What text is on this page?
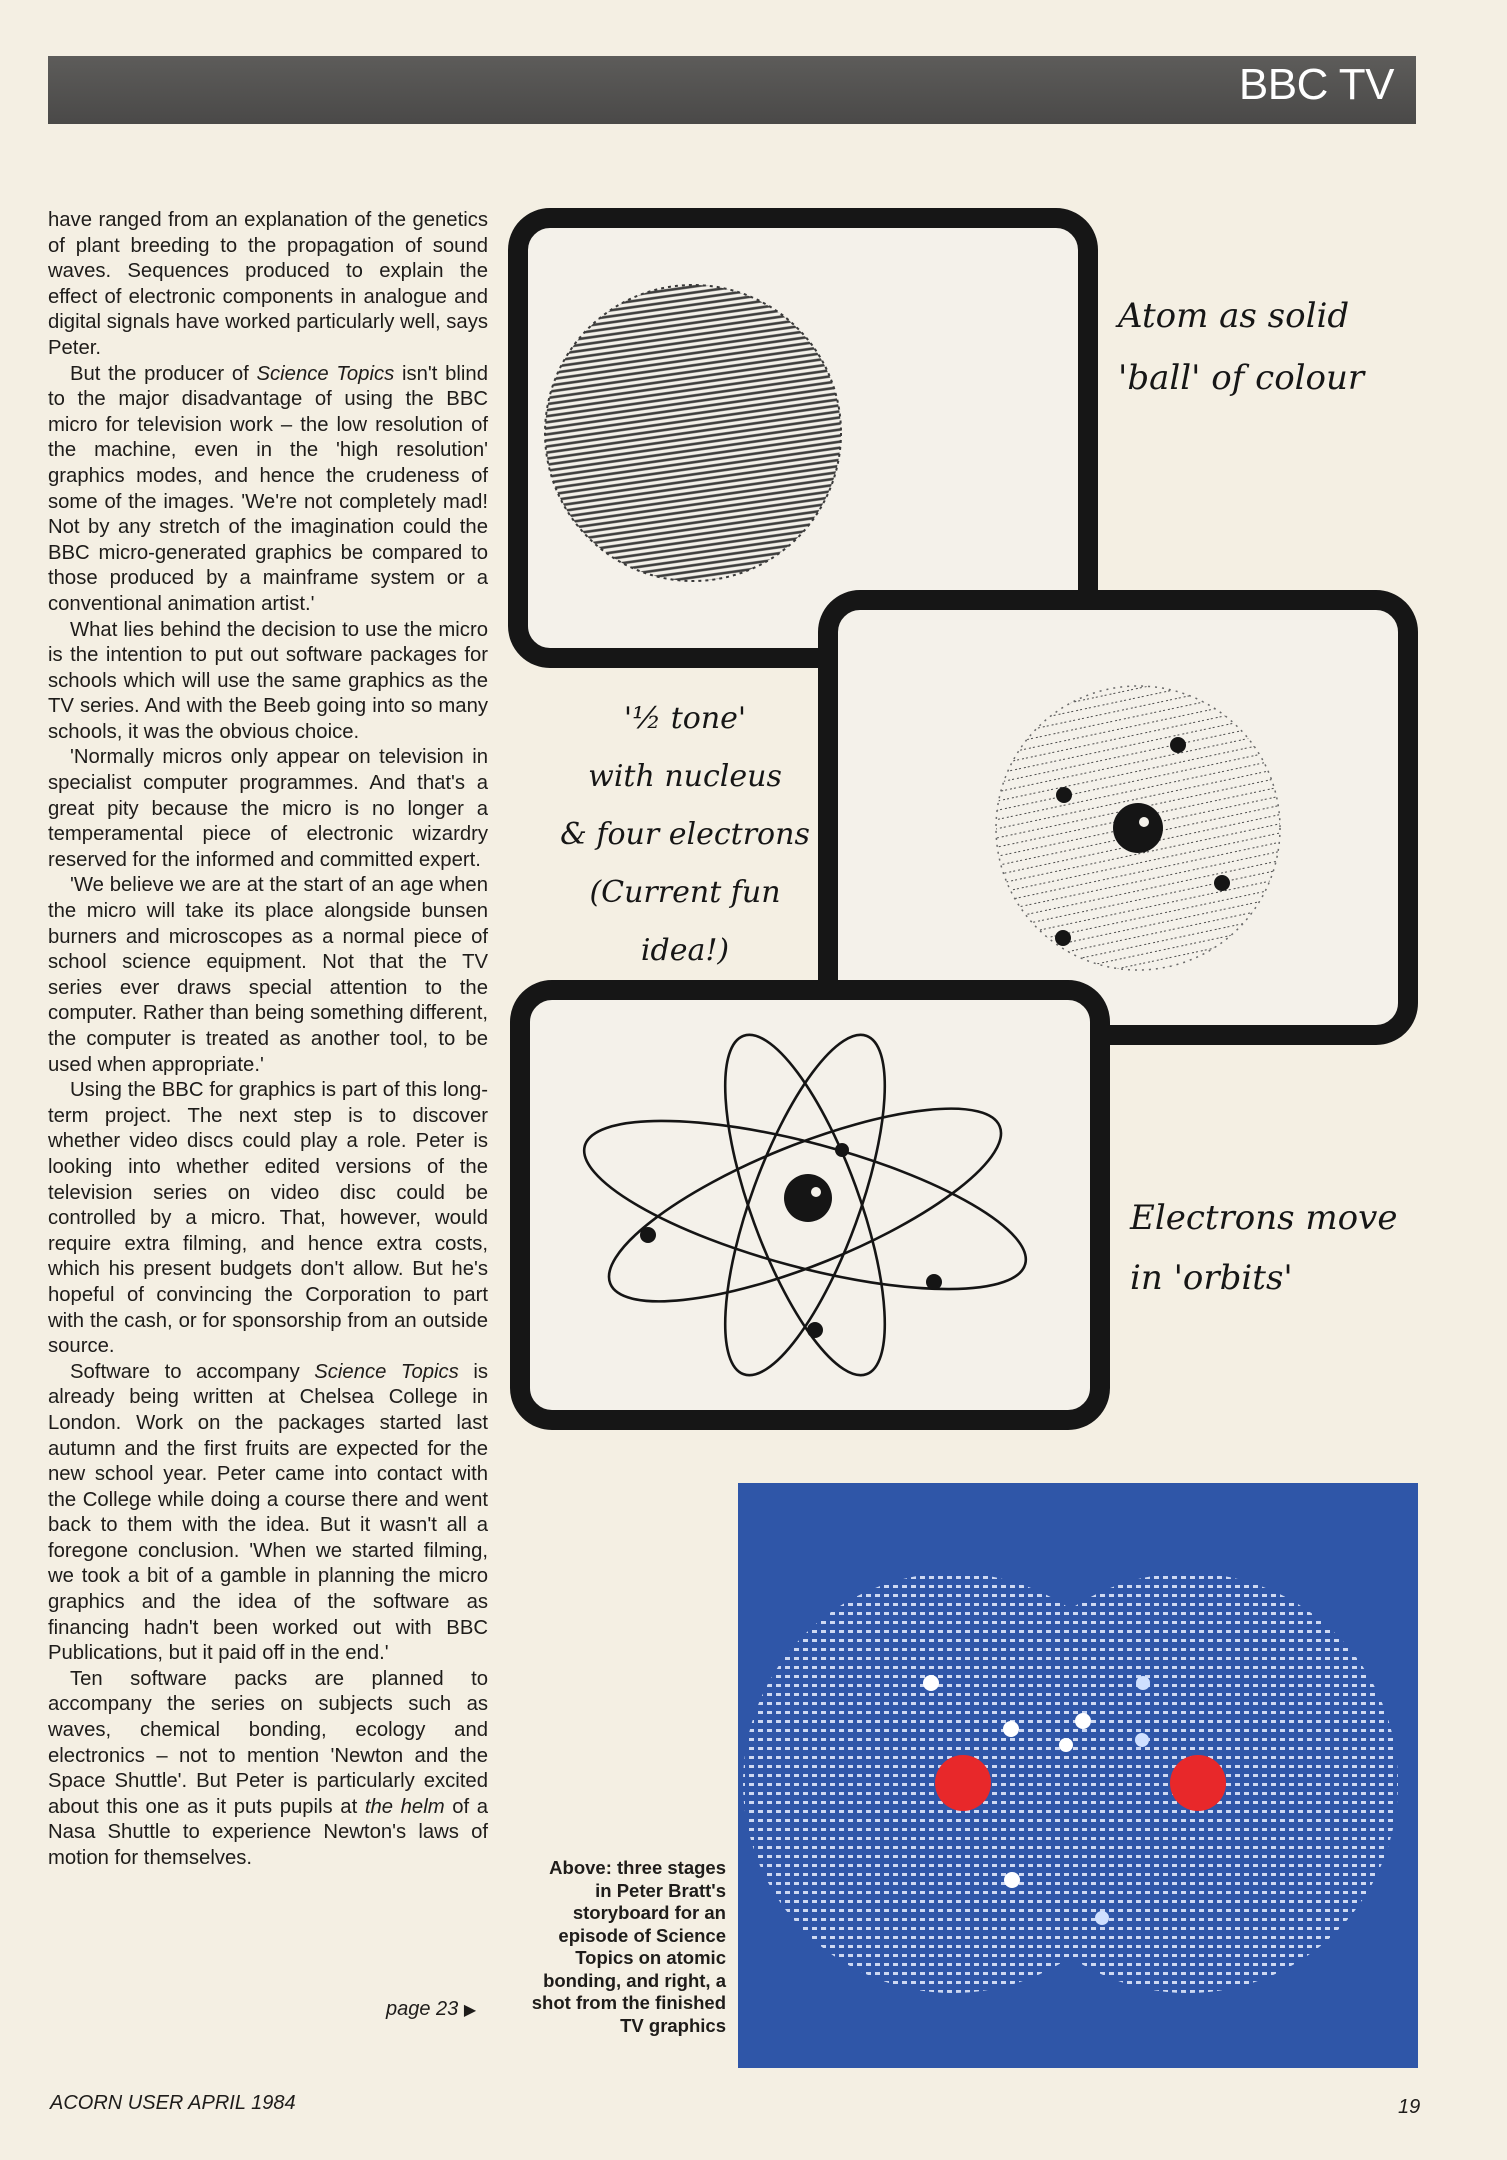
BBC TV

have ranged from an explanation of the genetics of plant breeding to the propagation of sound waves. Sequences produced to explain the effect of electronic components in analogue and digital signals have worked particularly well, says Peter.

But the producer of Science Topics isn't blind to the major disadvantage of using the BBC micro for television work – the low resolution of the machine, even in the 'high resolution' graphics modes, and hence the crudeness of some of the images. 'We're not completely mad! Not by any stretch of the imagination could the BBC micro-generated graphics be compared to those produced by a mainframe system or a conventional animation artist.'

What lies behind the decision to use the micro is the intention to put out software packages for schools which will use the same graphics as the TV series. And with the Beeb going into so many schools, it was the obvious choice.

'Normally micros only appear on television in specialist computer programmes. And that's a great pity because the micro is no longer a temperamental piece of electronic wizardry reserved for the informed and committed expert.

'We believe we are at the start of an age when the micro will take its place alongside bunsen burners and microscopes as a normal piece of school science equipment. Not that the TV series ever draws special attention to the computer. Rather than being something different, the computer is treated as another tool, to be used when appropriate.'

Using the BBC for graphics is part of this long-term project. The next step is to discover whether video discs could play a role. Peter is looking into whether edited versions of the television series on video disc could be controlled by a micro. That, however, would require extra filming, and hence extra costs, which his present budgets don't allow. But he's hopeful of convincing the Corporation to part with the cash, or for sponsorship from an outside source.

Software to accompany Science Topics is already being written at Chelsea College in London. Work on the packages started last autumn and the first fruits are expected for the new school year. Peter came into contact with the College while doing a course there and went back to them with the idea. But it wasn't all a foregone conclusion. 'When we started filming, we took a bit of a gamble in planning the micro graphics and the idea of the software as financing hadn't been worked out with BBC Publications, but it paid off in the end.'

Ten software packs are planned to accompany the series on subjects such as waves, chemical bonding, ecology and electronics – not to mention 'Newton and the Space Shuttle'. But Peter is particularly excited about this one as it puts pupils at the helm of a Nasa Shuttle to experience Newton's laws of motion for themselves.

page 23 ▶
Atom as solid
'ball' of colour
'½ tone'
with nucleus
& four electrons
(Current fun
idea!)
Electrons move
in 'orbits'
Above: three stages in Peter Bratt's storyboard for an episode of Science Topics on atomic bonding, and right, a shot from the finished TV graphics
ACORN USER APRIL 1984	19
